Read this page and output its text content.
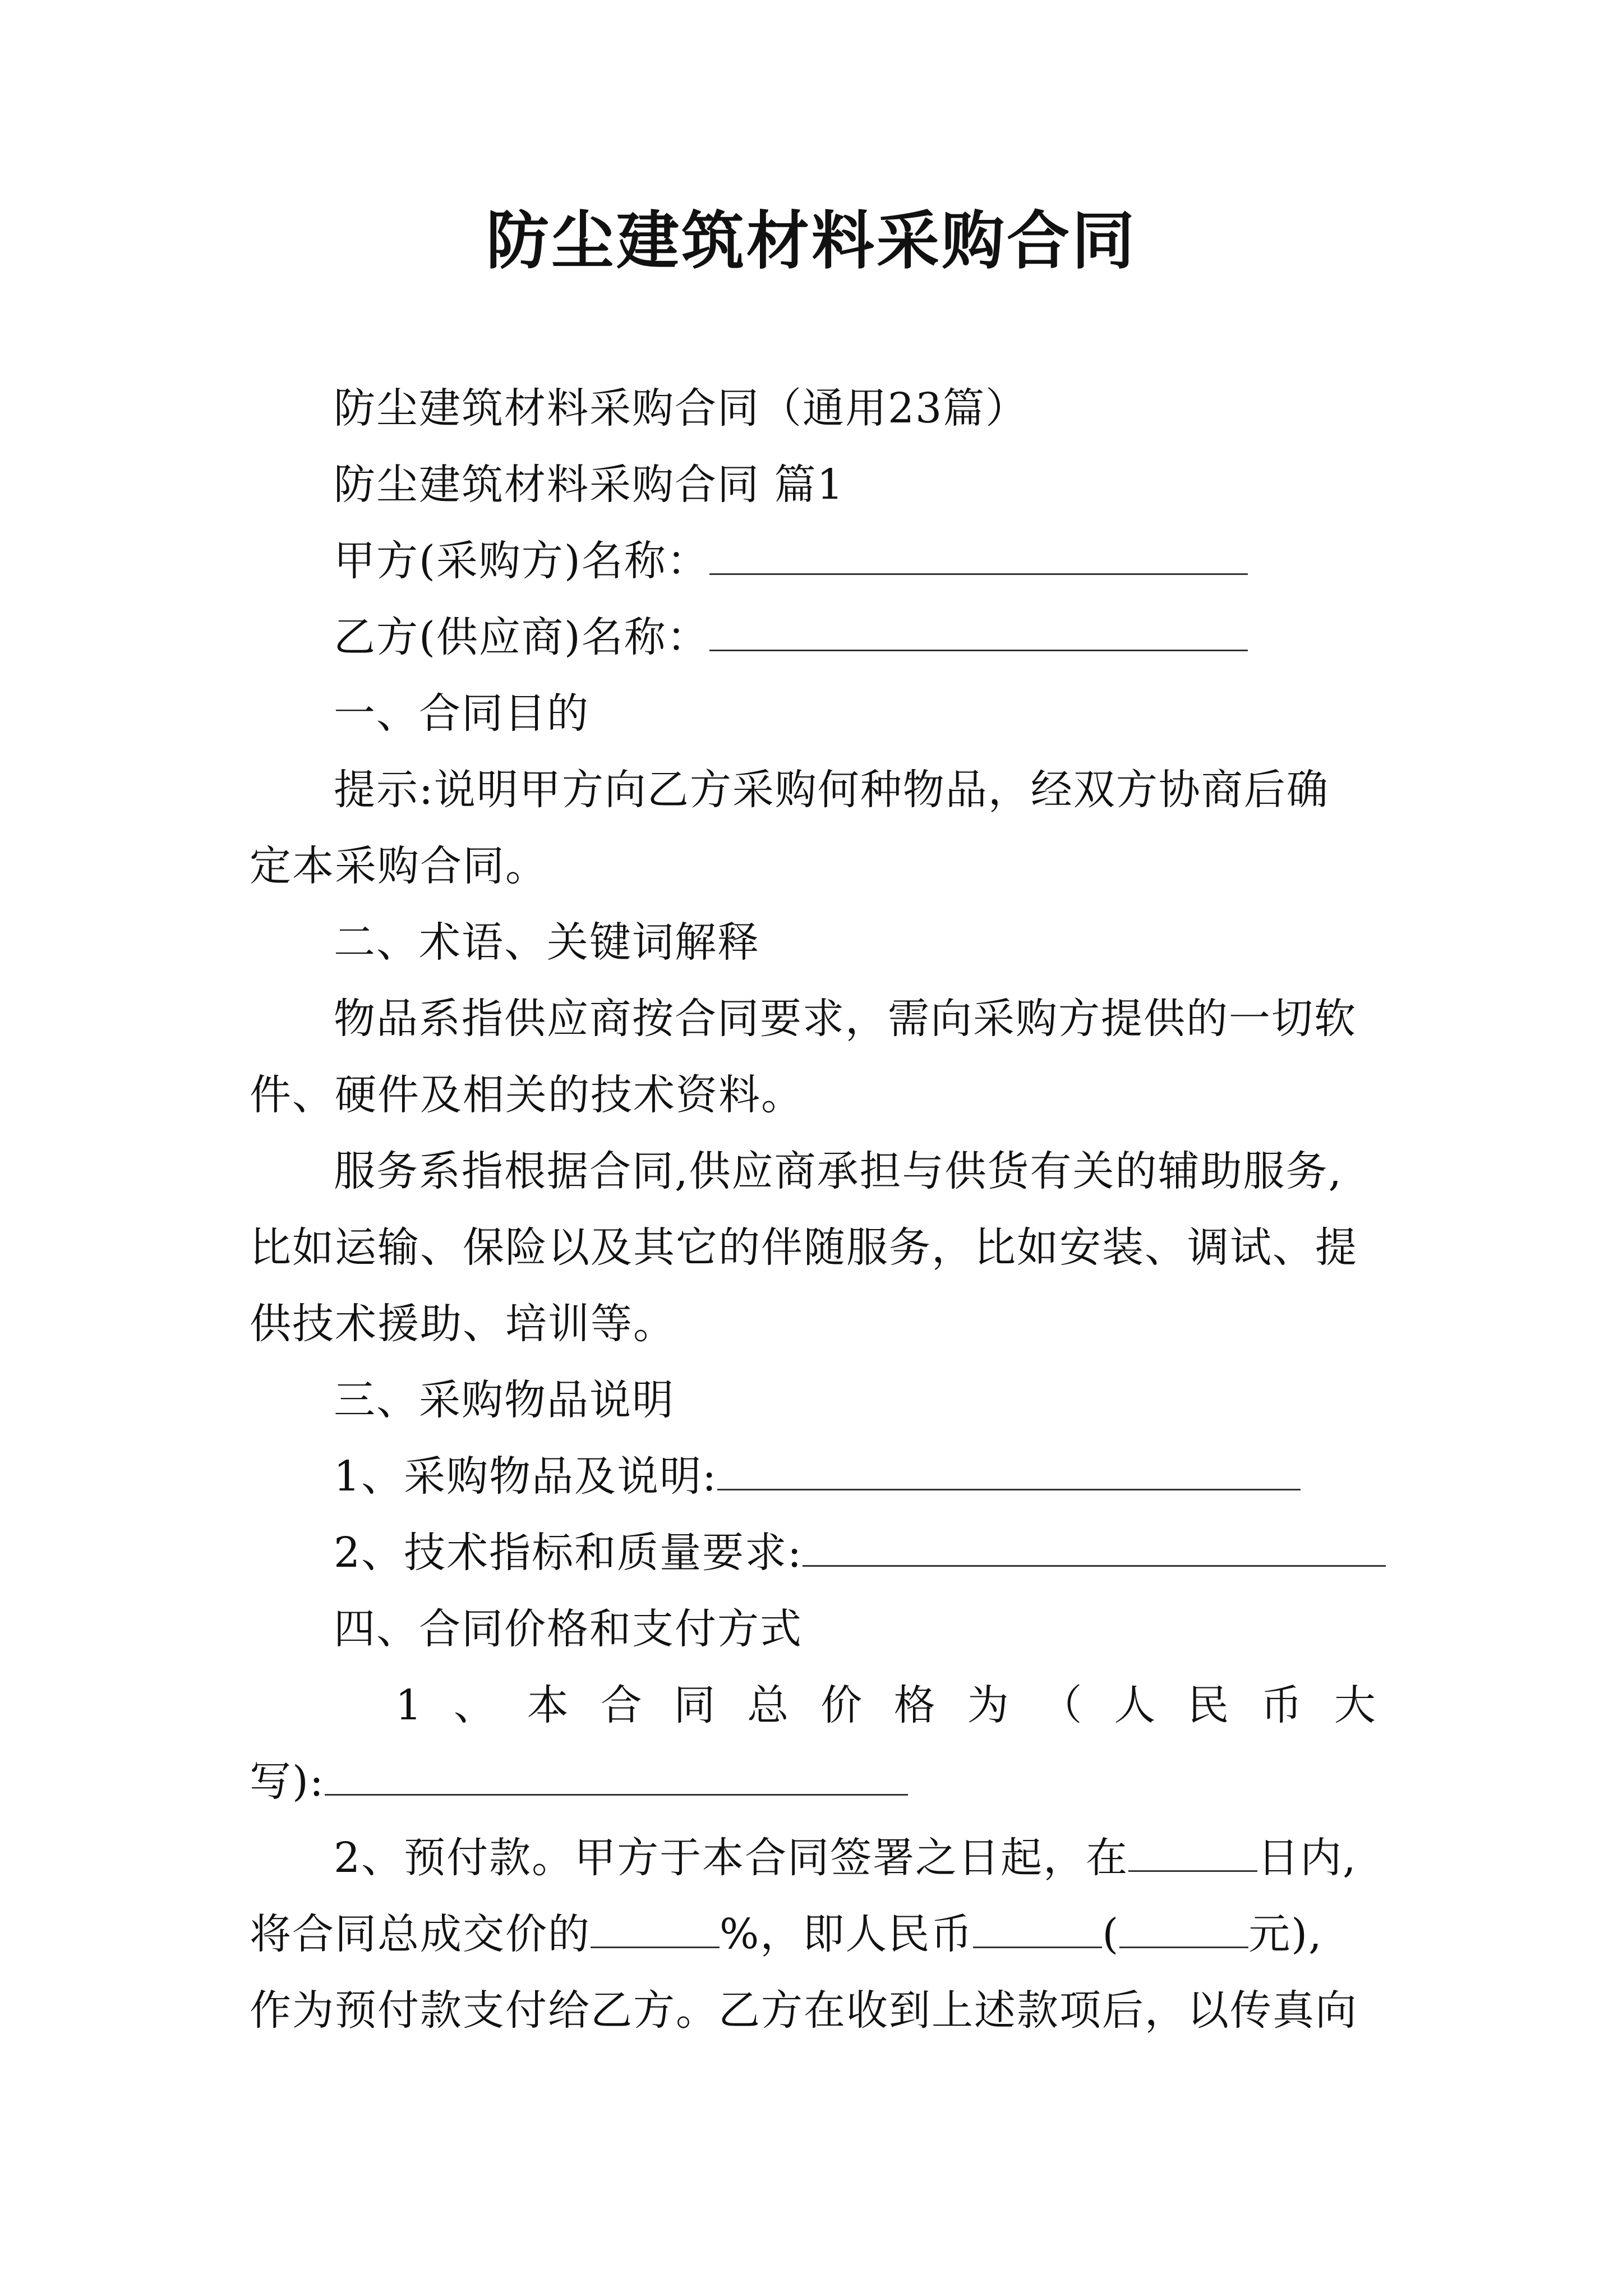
防尘建筑材料采购合同
防尘建筑材料采购合同（通用23篇）
防尘建筑材料采购合同 篇1
甲方(采购方)名称：
乙方(供应商)名称：
一、合同目的
提示:说明甲方向乙方采购何种物品，经双方协商后确
定本采购合同。
二、术语、关键词解释
物品系指供应商按合同要求，需向采购方提供的一切软
件、硬件及相关的技术资料。
服务系指根据合同,供应商承担与供货有关的辅助服务,
比如运输、保险以及其它的伴随服务，比如安装、调试、提
供技术援助、培训等。
三、采购物品说明
1、采购物品及说明:
2、技术指标和质量要求:
四、合同价格和支付方式
1 、 本 合 同 总 价 格 为 （ 人 民 币 大
写):
2、预付款。甲方于本合同签署之日起，在	日内,
将合同总成交价的	%，即人民币	(	元),
作为预付款支付给乙方。乙方在收到上述款项后，以传真向
